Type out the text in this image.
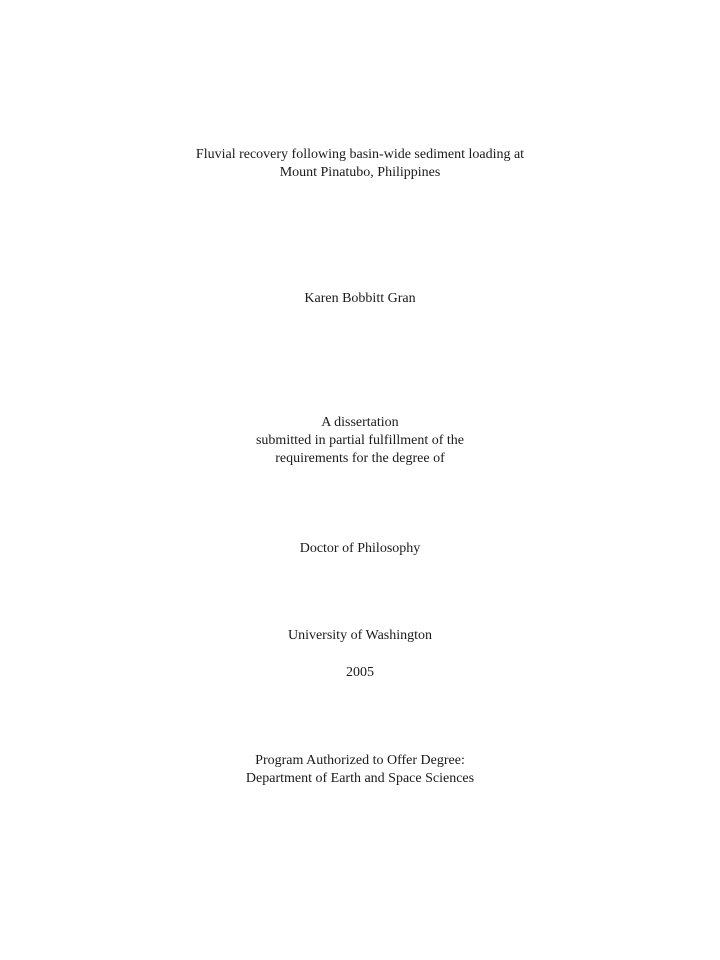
Fluvial recovery following basin-wide sediment loading at
Mount Pinatubo, Philippines
Karen Bobbitt Gran
A dissertation
submitted in partial fulfillment of the
requirements for the degree of
Doctor of Philosophy
University of Washington
2005
Program Authorized to Offer Degree:
Department of Earth and Space Sciences
